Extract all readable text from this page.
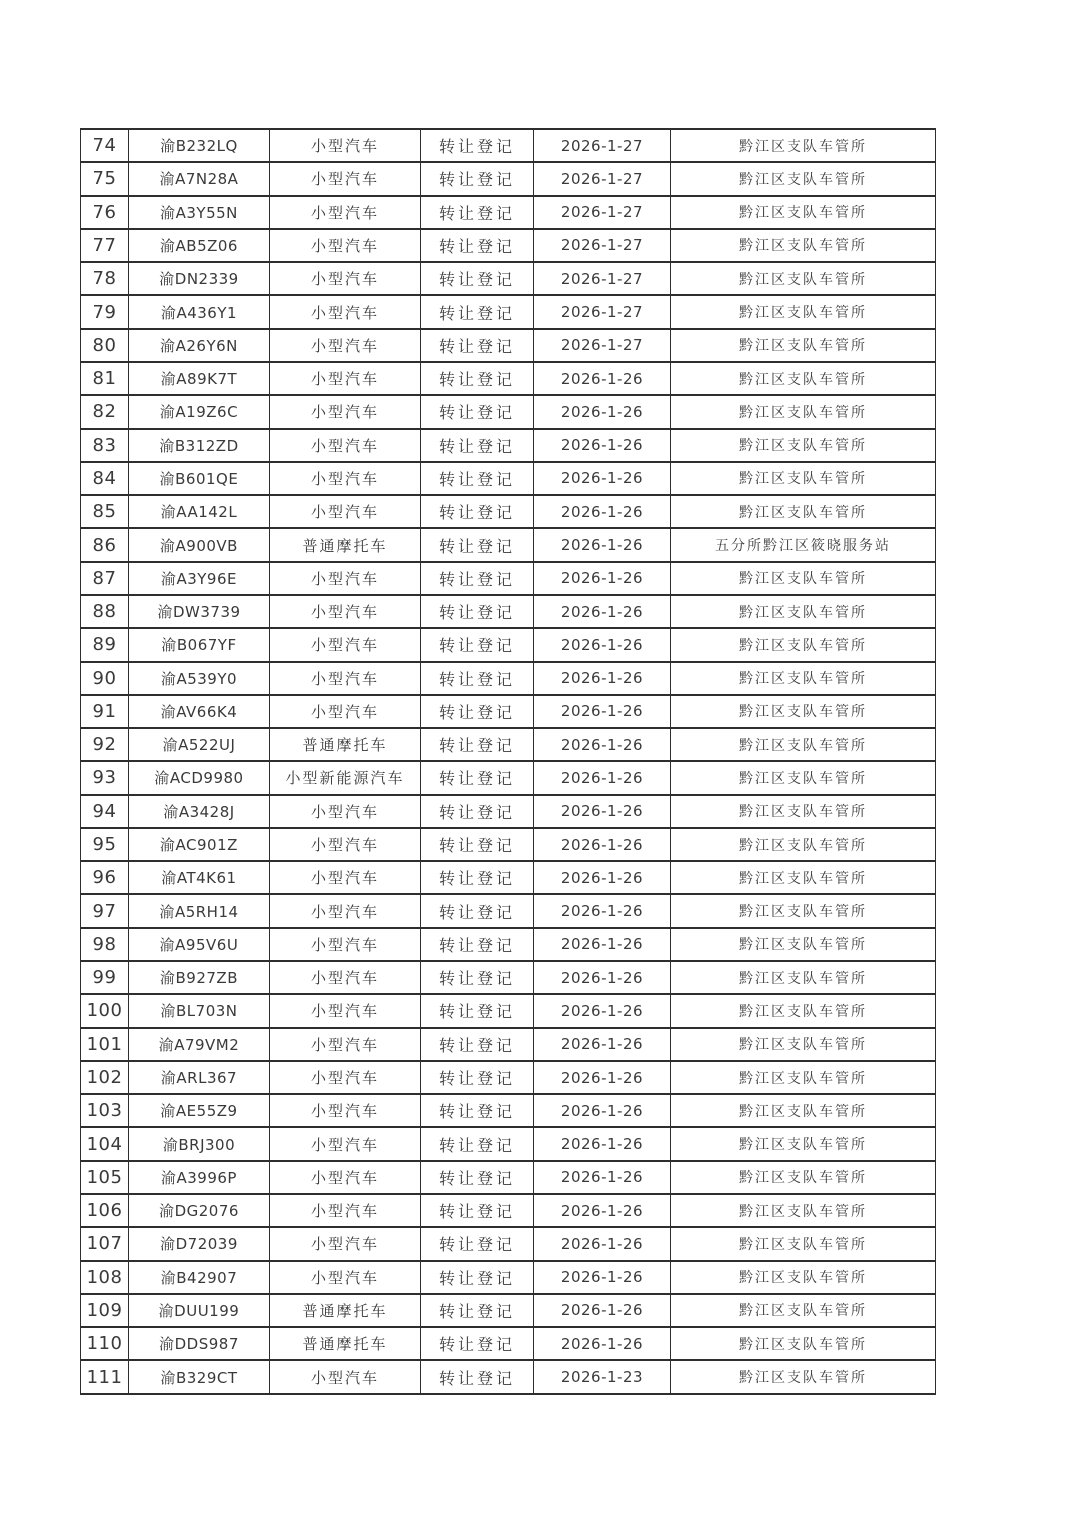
74	渝B232LQ	小型汽车	转让登记	2026-1-27	黔江区支队车管所
75	渝A7N28A	小型汽车	转让登记	2026-1-27	黔江区支队车管所
76	渝A3Y55N	小型汽车	转让登记	2026-1-27	黔江区支队车管所
77	渝AB5Z06	小型汽车	转让登记	2026-1-27	黔江区支队车管所
78	渝DN2339	小型汽车	转让登记	2026-1-27	黔江区支队车管所
79	渝A436Y1	小型汽车	转让登记	2026-1-27	黔江区支队车管所
80	渝A26Y6N	小型汽车	转让登记	2026-1-27	黔江区支队车管所
81	渝A89K7T	小型汽车	转让登记	2026-1-26	黔江区支队车管所
82	渝A19Z6C	小型汽车	转让登记	2026-1-26	黔江区支队车管所
83	渝B312ZD	小型汽车	转让登记	2026-1-26	黔江区支队车管所
84	渝B601QE	小型汽车	转让登记	2026-1-26	黔江区支队车管所
85	渝AA142L	小型汽车	转让登记	2026-1-26	黔江区支队车管所
86	渝A900VB	普通摩托车	转让登记	2026-1-26	五分所黔江区筱晓服务站
87	渝A3Y96E	小型汽车	转让登记	2026-1-26	黔江区支队车管所
88	渝DW3739	小型汽车	转让登记	2026-1-26	黔江区支队车管所
89	渝B067YF	小型汽车	转让登记	2026-1-26	黔江区支队车管所
90	渝A539Y0	小型汽车	转让登记	2026-1-26	黔江区支队车管所
91	渝AV66K4	小型汽车	转让登记	2026-1-26	黔江区支队车管所
92	渝A522UJ	普通摩托车	转让登记	2026-1-26	黔江区支队车管所
93	渝ACD9980	小型新能源汽车	转让登记	2026-1-26	黔江区支队车管所
94	渝A3428J	小型汽车	转让登记	2026-1-26	黔江区支队车管所
95	渝AC901Z	小型汽车	转让登记	2026-1-26	黔江区支队车管所
96	渝AT4K61	小型汽车	转让登记	2026-1-26	黔江区支队车管所
97	渝A5RH14	小型汽车	转让登记	2026-1-26	黔江区支队车管所
98	渝A95V6U	小型汽车	转让登记	2026-1-26	黔江区支队车管所
99	渝B927ZB	小型汽车	转让登记	2026-1-26	黔江区支队车管所
100	渝BL703N	小型汽车	转让登记	2026-1-26	黔江区支队车管所
101	渝A79VM2	小型汽车	转让登记	2026-1-26	黔江区支队车管所
102	渝ARL367	小型汽车	转让登记	2026-1-26	黔江区支队车管所
103	渝AE55Z9	小型汽车	转让登记	2026-1-26	黔江区支队车管所
104	渝BRJ300	小型汽车	转让登记	2026-1-26	黔江区支队车管所
105	渝A3996P	小型汽车	转让登记	2026-1-26	黔江区支队车管所
106	渝DG2076	小型汽车	转让登记	2026-1-26	黔江区支队车管所
107	渝D72039	小型汽车	转让登记	2026-1-26	黔江区支队车管所
108	渝B42907	小型汽车	转让登记	2026-1-26	黔江区支队车管所
109	渝DUU199	普通摩托车	转让登记	2026-1-26	黔江区支队车管所
110	渝DDS987	普通摩托车	转让登记	2026-1-26	黔江区支队车管所
111	渝B329CT	小型汽车	转让登记	2026-1-23	黔江区支队车管所
